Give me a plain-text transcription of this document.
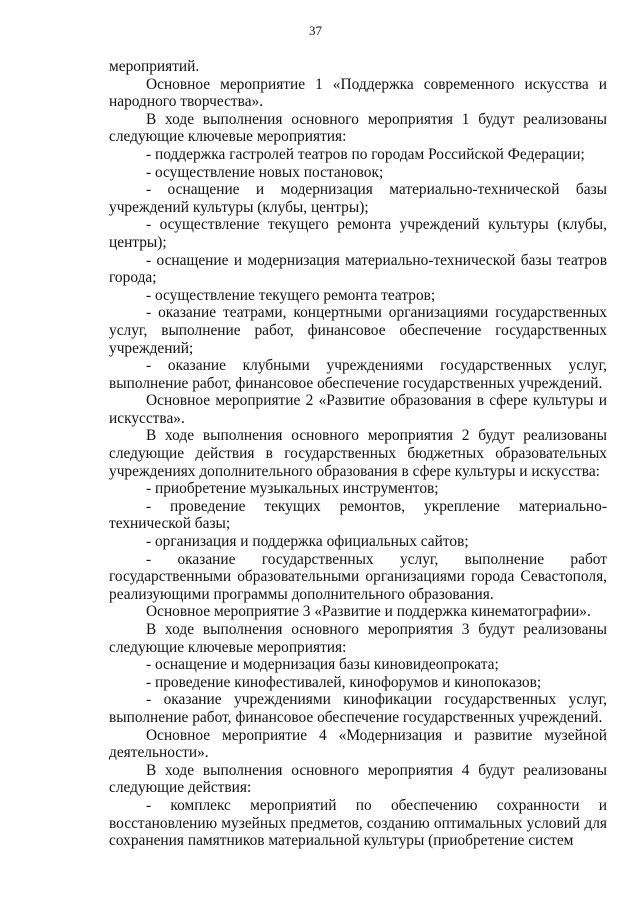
37

мероприятий.

Основное мероприятие 1 «Поддержка современного искусства и народного творчества».

В ходе выполнения основного мероприятия 1 будут реализованы следующие ключевые мероприятия:

- поддержка гастролей театров по городам Российской Федерации;

- осуществление новых постановок;

- оснащение и модернизация материально-технической базы учреждений культуры (клубы, центры);

- осуществление текущего ремонта учреждений культуры (клубы, центры);

- оснащение и модернизация материально-технической базы театров города;

- осуществление текущего ремонта театров;

- оказание театрами, концертными организациями государственных услуг, выполнение работ, финансовое обеспечение государственных учреждений;

- оказание клубными учреждениями государственных услуг, выполнение работ, финансовое обеспечение государственных учреждений.

Основное мероприятие 2 «Развитие образования в сфере культуры и искусства».

В ходе выполнения основного мероприятия 2 будут реализованы следующие действия в государственных бюджетных образовательных учреждениях дополнительного образования в сфере культуры и искусства:

- приобретение музыкальных инструментов;

- проведение текущих ремонтов, укрепление материально-технической базы;

- организация и поддержка официальных сайтов;

- оказание государственных услуг, выполнение работ государственными образовательными организациями города Севастополя, реализующими программы дополнительного образования.

Основное мероприятие 3 «Развитие и поддержка кинематографии».

В ходе выполнения основного мероприятия 3 будут реализованы следующие ключевые мероприятия:

- оснащение и модернизация базы киновидеопроката;

- проведение кинофестивалей, кинофорумов и кинопоказов;

- оказание учреждениями кинофикации государственных услуг, выполнение работ, финансовое обеспечение государственных учреждений.

Основное мероприятие 4 «Модернизация и развитие музейной деятельности».

В ходе выполнения основного мероприятия 4 будут реализованы следующие действия:

- комплекс мероприятий по обеспечению сохранности и восстановлению музейных предметов, созданию оптимальных условий для сохранения памятников материальной культуры (приобретение систем
